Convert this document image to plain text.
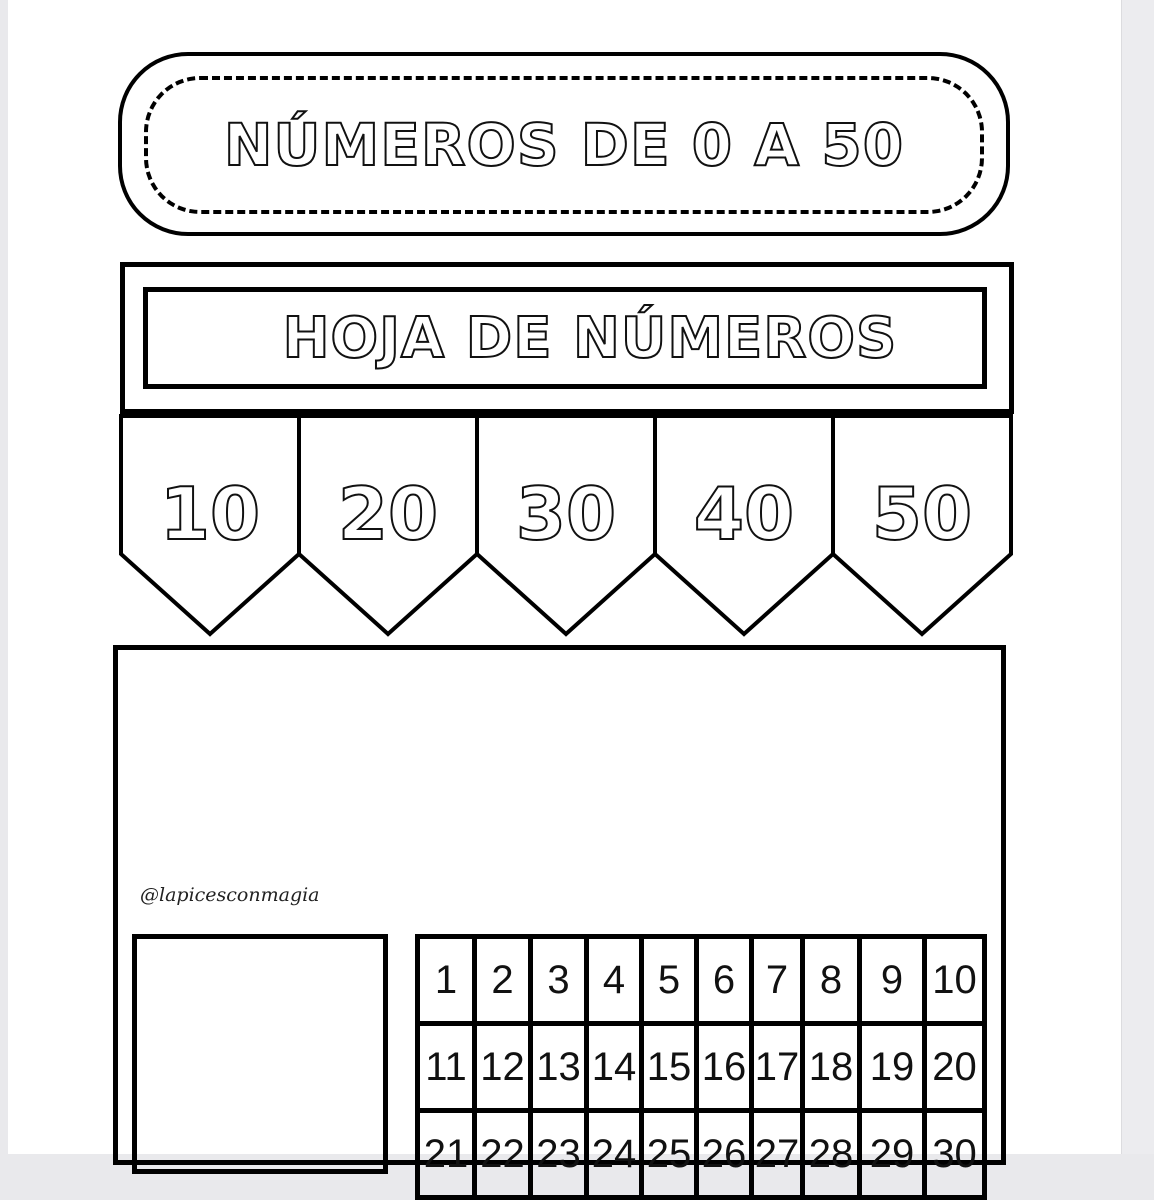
NÚMEROS DE 0 A 50
HOJA DE NÚMEROS
10	20	30	40	50
@lapicesconmagia
1 2 3 4 5 6 7 8 9 10
11 12 13 14 15 16 17 18 19 20
21 22 23 24 25 26 27 28 29 30
